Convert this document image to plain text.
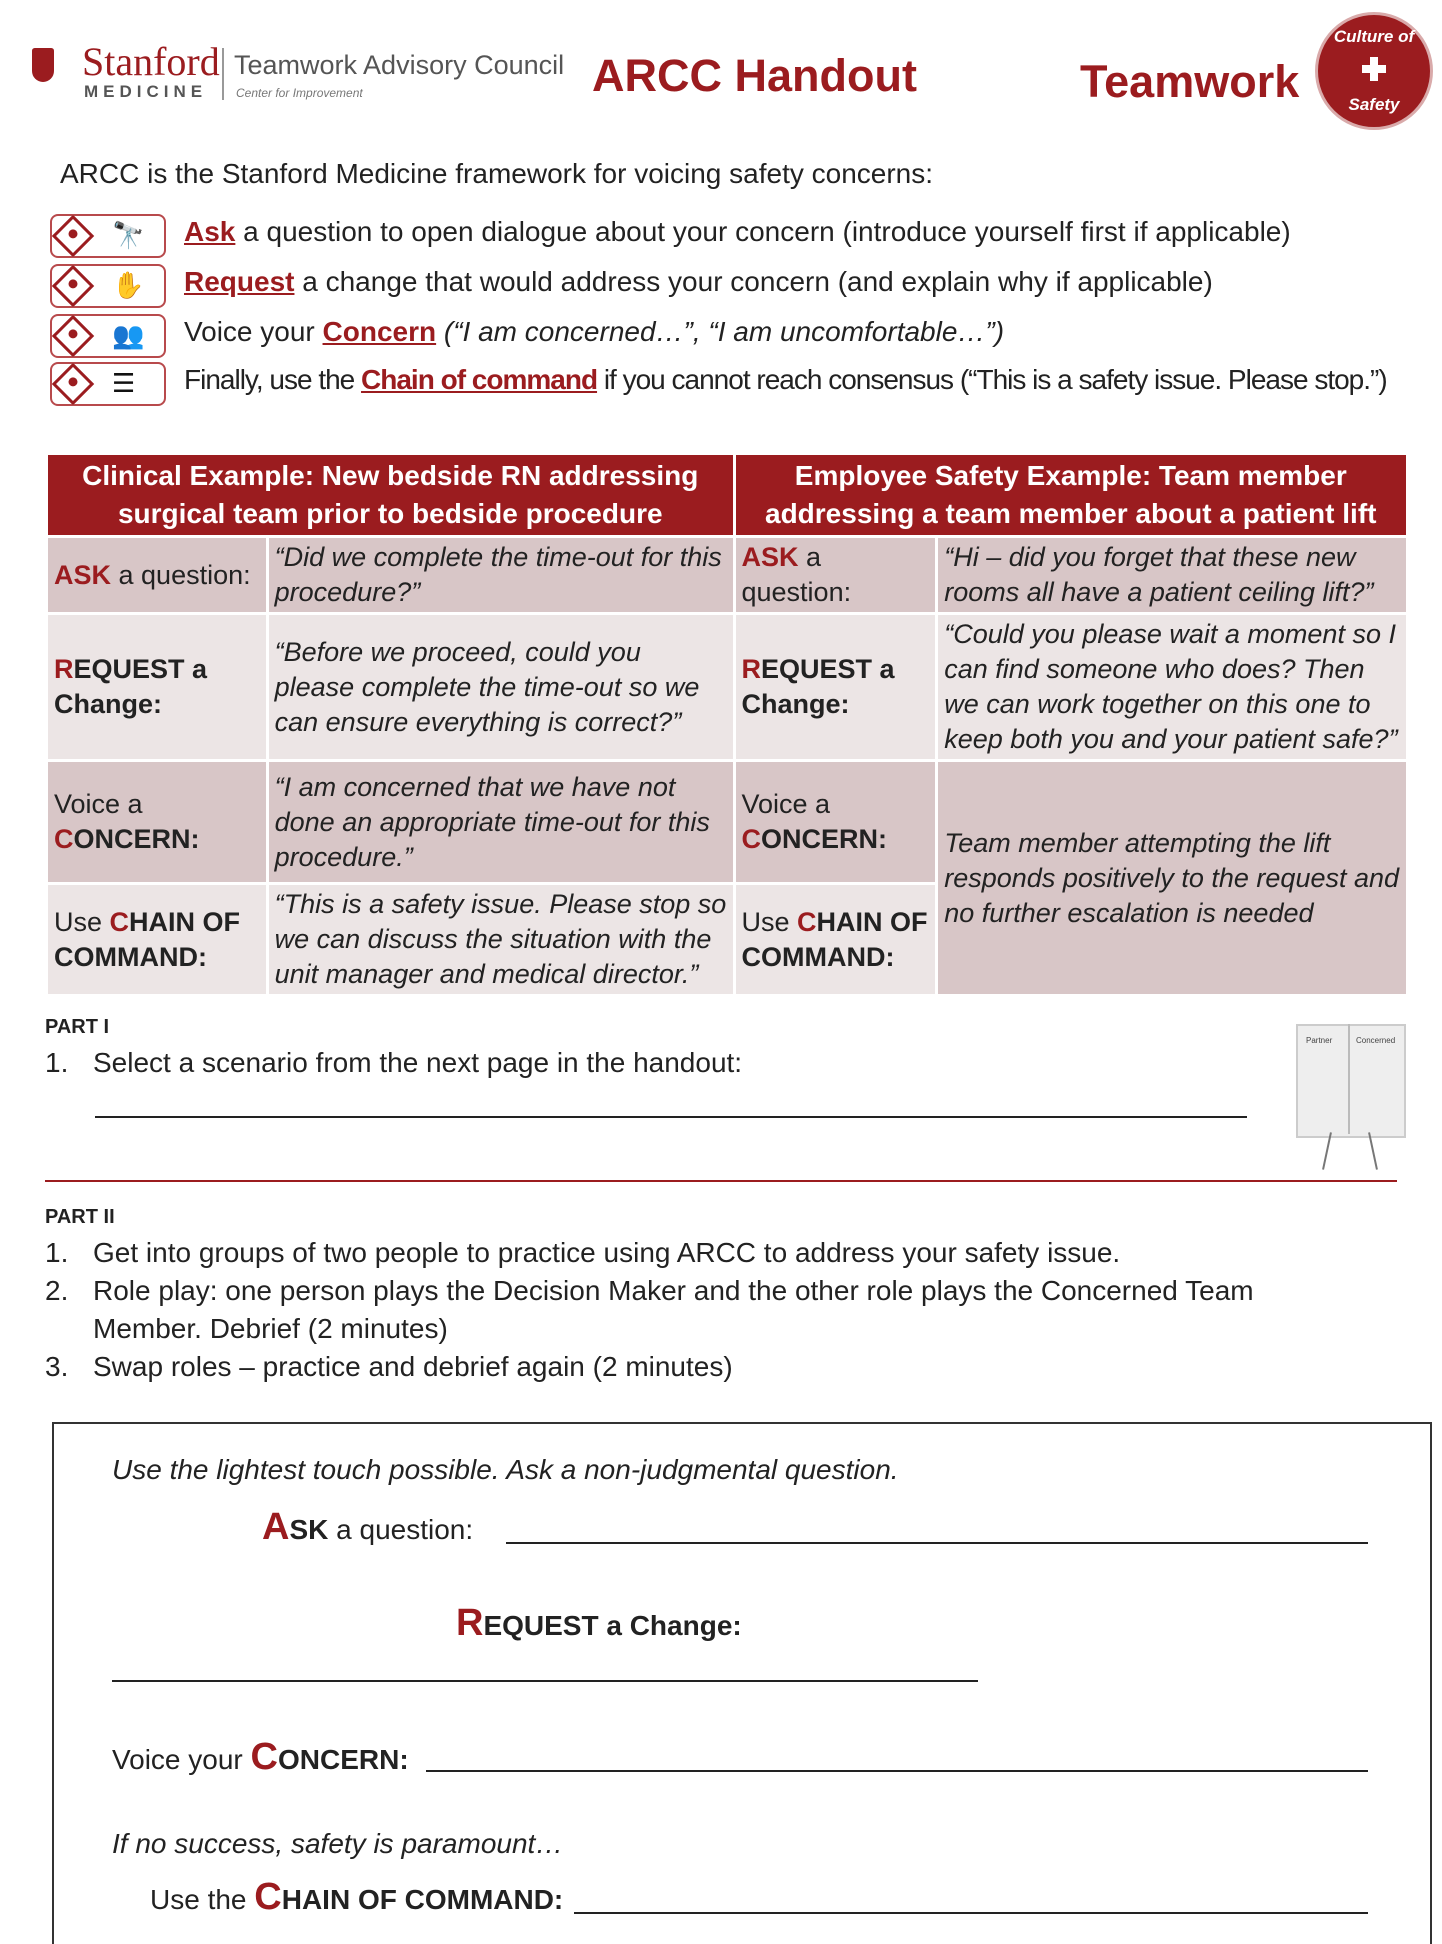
Stanford
MEDICINE
Teamwork Advisory Council
Center for Improvement	ARCC Handout	Teamwork
Culture of
Safety
ARCC is the Stanford Medicine framework for voicing safety concerns:
🔭 Ask a question to open dialogue about your concern (introduce yourself first if applicable)
✋ Request a change that would address your concern (and explain why if applicable)
👥 Voice your Concern (“I am concerned…”, “I am uncomfortable…”)
☰ Finally, use the Chain of command if you cannot reach consensus (“This is a safety issue. Please stop.”)
Clinical Example: New bedside RN addressing surgical team prior to bedside procedure		Employee Safety Example: Team member addressing a team member about a patient lift	
ASK a question:	“Did we complete the time-out for this procedure?”	ASK a question:	“Hi – did you forget that these new rooms all have a patient ceiling lift?”
REQUEST a Change:	“Before we proceed, could you please complete the time-out so we can ensure everything is correct?”	REQUEST a Change:	“Could you please wait a moment so I can find someone who does? Then we can work together on this one to keep both you and your patient safe?”
Voice a CONCERN:	“I am concerned that we have not done an appropriate time-out for this procedure.”	Voice a CONCERN:	Team member attempting the lift responds positively to the request and no further escalation is needed
Use CHAIN OF COMMAND:	“This is a safety issue. Please stop so we can discuss the situation with the unit manager and medical director.”	Use CHAIN OF COMMAND:	
PART I
1. Select a scenario from the next page in the handout:
Partner	Concerned
PART II
1. Get into groups of two people to practice using ARCC to address your safety issue.
2. Role play: one person plays the Decision Maker and the other role plays the Concerned Team Member. Debrief (2 minutes)
3. Swap roles – practice and debrief again (2 minutes)
Use the lightest touch possible. Ask a non-judgmental question.
ASK a question:
REQUEST a Change:
Voice your CONCERN:
If no success, safety is paramount…
Use the CHAIN OF COMMAND:
